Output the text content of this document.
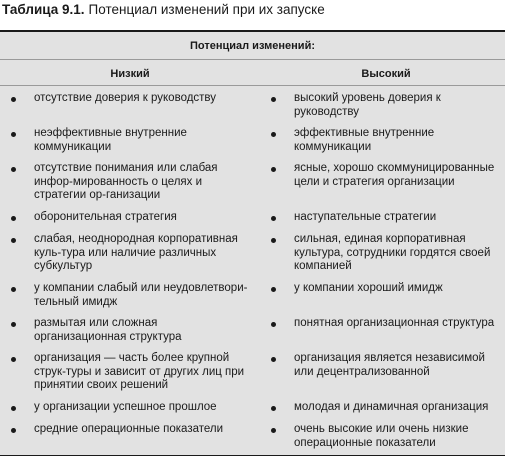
Таблица 9.1. Потенциал изменений при их запуске
Потенциал изменений:
Низкий	Высокий
отсутствие доверия к руководству
неэффективные внутренние коммуникации
отсутствие понимания или слабая инфор-мированность о целях и стратегии ор-ганизации
оборонительная стратегия
слабая, неоднородная корпоративная куль-тура или наличие различных субкультур
у компании слабый или неудовлетвори-тельный имидж
размытая или сложная организационная структура
организация — часть более крупной струк-туры и зависит от других лиц при принятии своих решений
у организации успешное прошлое
средние операционные показатели
высокий уровень доверия к руководству
эффективные внутренние коммуникации
ясные, хорошо скоммуницированные цели и стратегия организации
наступательные стратегии
сильная, единая корпоративная культура, сотрудники гордятся своей компанией
у компании хороший имидж
понятная организационная структура
организация является независимой или децентрализованной
молодая и динамичная организация
очень высокие или очень низкие операционные показатели
